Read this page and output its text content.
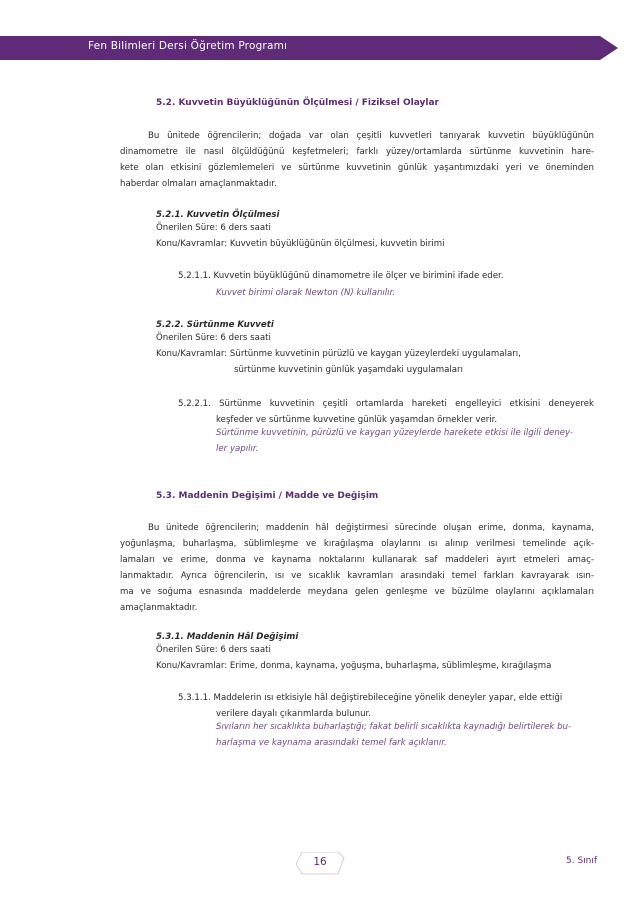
Fen Bilimleri Dersi Öğretim Programı
5.2. Kuvvetin Büyüklüğünün Ölçülmesi / Fiziksel Olaylar
Bu ünitede öğrencilerin; doğada var olan çeşitli kuvvetleri tanıyarak kuvvetin büyüklüğünün
dinamometre ile nasıl ölçüldüğünü keşfetmeleri; farklı yüzey/ortamlarda sürtünme kuvvetinin hare-
kete olan etkisini gözlemlemeleri ve sürtünme kuvvetinin günlük yaşantımızdaki yeri ve öneminden
haberdar olmaları amaçlanmaktadır.
5.2.1. Kuvvetin Ölçülmesi
Önerilen Süre: 6 ders saati
Konu/Kavramlar: Kuvvetin büyüklüğünün ölçülmesi, kuvvetin birimi
5.2.1.1. Kuvvetin büyüklüğünü dinamometre ile ölçer ve birimini ifade eder.
Kuvvet birimi olarak Newton (N) kullanılır.
5.2.2. Sürtünme Kuvveti
Önerilen Süre: 6 ders saati
Konu/Kavramlar: Sürtünme kuvvetinin pürüzlü ve kaygan yüzeylerdeki uygulamaları,
sürtünme kuvvetinin günlük yaşamdaki uygulamaları
5.2.2.1. Sürtünme kuvvetinin çeşitli ortamlarda hareketi engelleyici etkisini deneyerek
keşfeder ve sürtünme kuvvetine günlük yaşamdan örnekler verir.
Sürtünme kuvvetinin, pürüzlü ve kaygan yüzeylerde harekete etkisi ile ilgili deney-
ler yapılır.
5.3. Maddenin Değişimi / Madde ve Değişim
Bu ünitede öğrencilerin; maddenin hâl değiştirmesi sürecinde oluşan erime, donma, kaynama,
yoğunlaşma, buharlaşma, süblimleşme ve kırağılaşma olaylarını ısı alınıp verilmesi temelinde açık-
lamaları ve erime, donma ve kaynama noktalarını kullanarak saf maddeleri ayırt etmeleri amaç-
lanmaktadır. Ayrıca öğrencilerin, ısı ve sıcaklık kavramları arasındaki temel farkları kavrayarak ısın-
ma ve soğuma esnasında maddelerde meydana gelen genleşme ve büzülme olaylarını açıklamaları
amaçlanmaktadır.
5.3.1. Maddenin Hâl Değişimi
Önerilen Süre: 6 ders saati
Konu/Kavramlar: Erime, donma, kaynama, yoğuşma, buharlaşma, süblimleşme, kırağılaşma
5.3.1.1. Maddelerin ısı etkisiyle hâl değiştirebileceğine yönelik deneyler yapar, elde ettiği
verilere dayalı çıkarımlarda bulunur.
Sıvıların her sıcaklıkta buharlaştığı; fakat belirli sıcaklıkta kaynadığı belirtilerek bu-
harlaşma ve kaynama arasındaki temel fark açıklanır.
16	5. Sınıf
